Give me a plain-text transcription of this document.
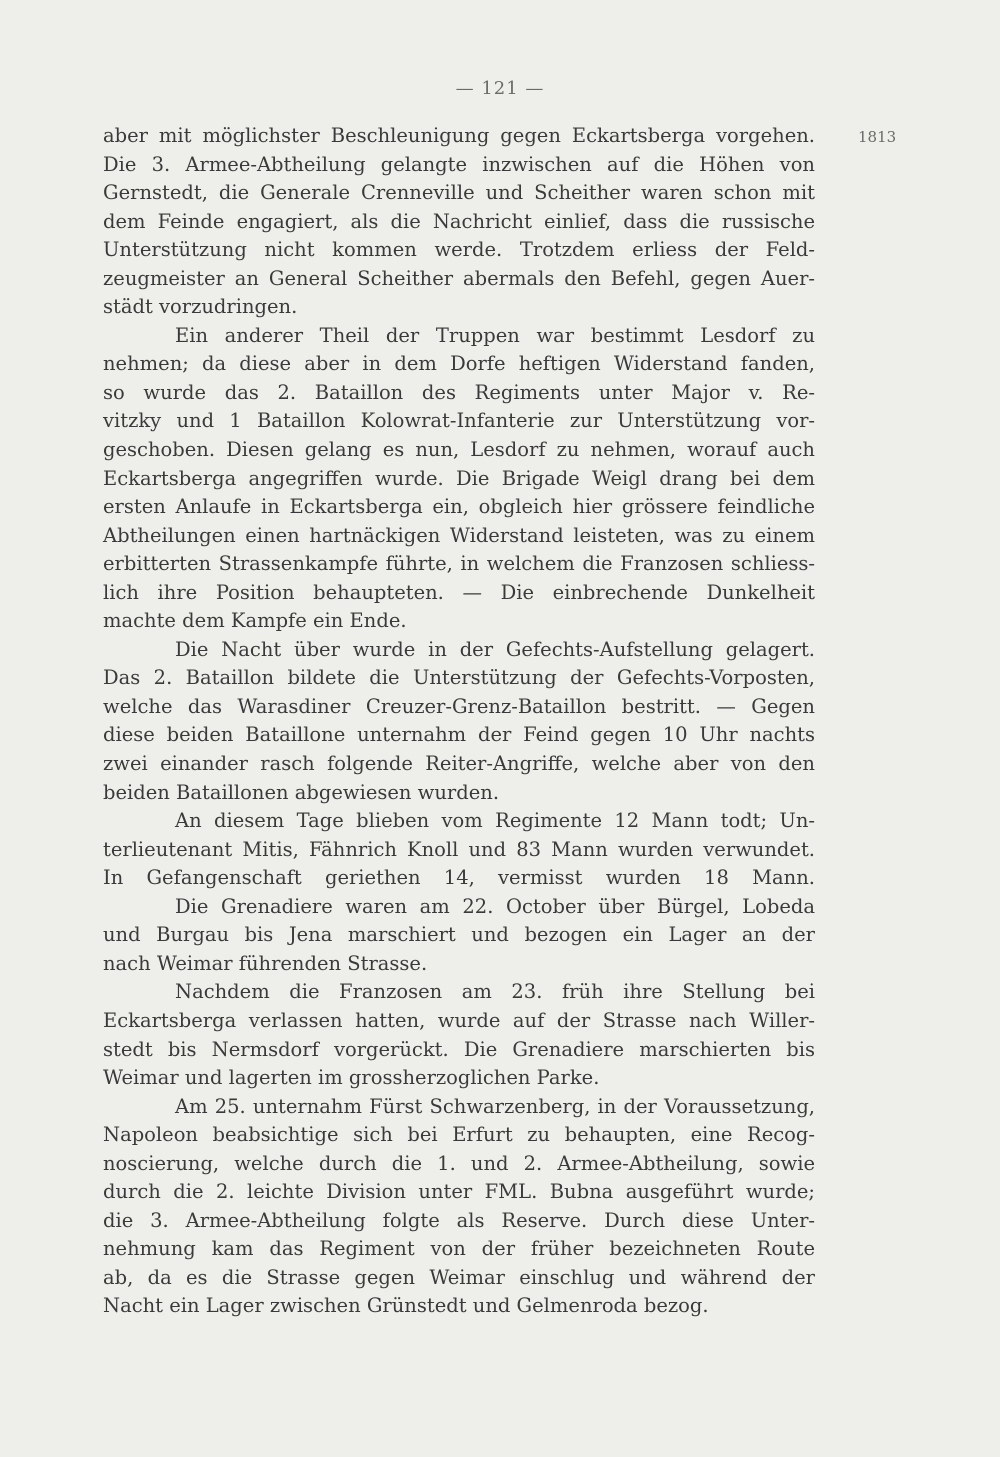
— 121 —
1813
aber mit möglichster Beschleunigung gegen Eckartsberga vorgehen.
Die 3. Armee-Abtheilung gelangte inzwischen auf die Höhen von
Gernstedt, die Generale Crenneville und Scheither waren schon mit
dem Feinde engagiert, als die Nachricht einlief, dass die russische
Unterstützung nicht kommen werde. Trotzdem erliess der Feld-
zeugmeister an General Scheither abermals den Befehl, gegen Auer-
städt vorzudringen.
Ein anderer Theil der Truppen war bestimmt Lesdorf zu
nehmen; da diese aber in dem Dorfe heftigen Widerstand fanden,
so wurde das 2. Bataillon des Regiments unter Major v. Re-
vitzky und 1 Bataillon Kolowrat-Infanterie zur Unterstützung vor-
geschoben. Diesen gelang es nun, Lesdorf zu nehmen, worauf auch
Eckartsberga angegriffen wurde. Die Brigade Weigl drang bei dem
ersten Anlaufe in Eckartsberga ein, obgleich hier grössere feindliche
Abtheilungen einen hartnäckigen Widerstand leisteten, was zu einem
erbitterten Strassenkampfe führte, in welchem die Franzosen schliess-
lich ihre Position behaupteten. — Die einbrechende Dunkelheit
machte dem Kampfe ein Ende.
Die Nacht über wurde in der Gefechts-Aufstellung gelagert.
Das 2. Bataillon bildete die Unterstützung der Gefechts-Vorposten,
welche das Warasdiner Creuzer-Grenz-Bataillon bestritt. — Gegen
diese beiden Bataillone unternahm der Feind gegen 10 Uhr nachts
zwei einander rasch folgende Reiter-Angriffe, welche aber von den
beiden Bataillonen abgewiesen wurden.
An diesem Tage blieben vom Regimente 12 Mann todt; Un-
terlieutenant Mitis, Fähnrich Knoll und 83 Mann wurden verwundet.
In Gefangenschaft geriethen 14, vermisst wurden 18 Mann.
Die Grenadiere waren am 22. October über Bürgel, Lobeda
und Burgau bis Jena marschiert und bezogen ein Lager an der
nach Weimar führenden Strasse.
Nachdem die Franzosen am 23. früh ihre Stellung bei
Eckartsberga verlassen hatten, wurde auf der Strasse nach Willer-
stedt bis Nermsdorf vorgerückt. Die Grenadiere marschierten bis
Weimar und lagerten im grossherzoglichen Parke.
Am 25. unternahm Fürst Schwarzenberg, in der Voraussetzung,
Napoleon beabsichtige sich bei Erfurt zu behaupten, eine Recog-
noscierung, welche durch die 1. und 2. Armee-Abtheilung, sowie
durch die 2. leichte Division unter FML. Bubna ausgeführt wurde;
die 3. Armee-Abtheilung folgte als Reserve. Durch diese Unter-
nehmung kam das Regiment von der früher bezeichneten Route
ab, da es die Strasse gegen Weimar einschlug und während der
Nacht ein Lager zwischen Grünstedt und Gelmenroda bezog.
